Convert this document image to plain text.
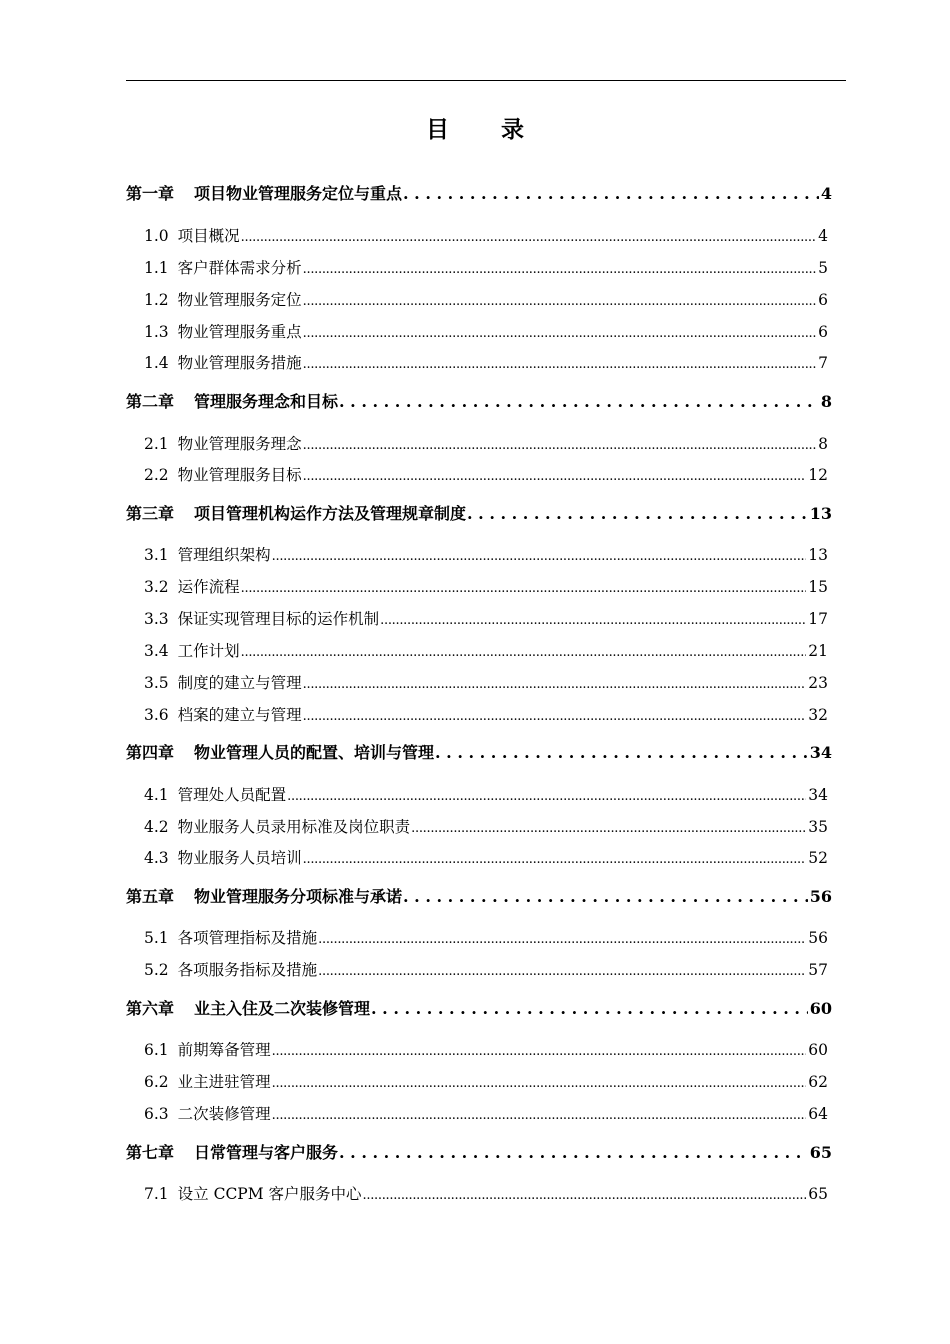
目 录
第一章 项目物业管理服务定位与重点 . . .	4
1.0 项目概况 .....	4
1.1 客户群体需求分析 .....	5
1.2 物业管理服务定位 .....	6
1.3 物业管理服务重点 .....	6
1.4 物业管理服务措施 .....	7
第二章 管理服务理念和目标 . . .	8
2.1 物业管理服务理念 .....	8
2.2 物业管理服务目标 .....	12
第三章 项目管理机构运作方法及管理规章制度 . . .	13
3.1 管理组织架构 .....	13
3.2 运作流程 .....	15
3.3 保证实现管理目标的运作机制 .....	17
3.4 工作计划 .....	21
3.5 制度的建立与管理 .....	23
3.6 档案的建立与管理 .....	32
第四章 物业管理人员的配置、培训与管理 . . .	34
4.1 管理处人员配置 .....	34
4.2 物业服务人员录用标准及岗位职责 .....	35
4.3 物业服务人员培训 .....	52
第五章 物业管理服务分项标准与承诺 . . .	56
5.1 各项管理指标及措施 .....	56
5.2 各项服务指标及措施 .....	57
第六章 业主入住及二次装修管理 . . .	60
6.1 前期筹备管理 .....	60
6.2 业主进驻管理 .....	62
6.3 二次装修管理 .....	64
第七章 日常管理与客户服务 . . .	65
7.1 设立 CCPM 客户服务中心 .....	65
